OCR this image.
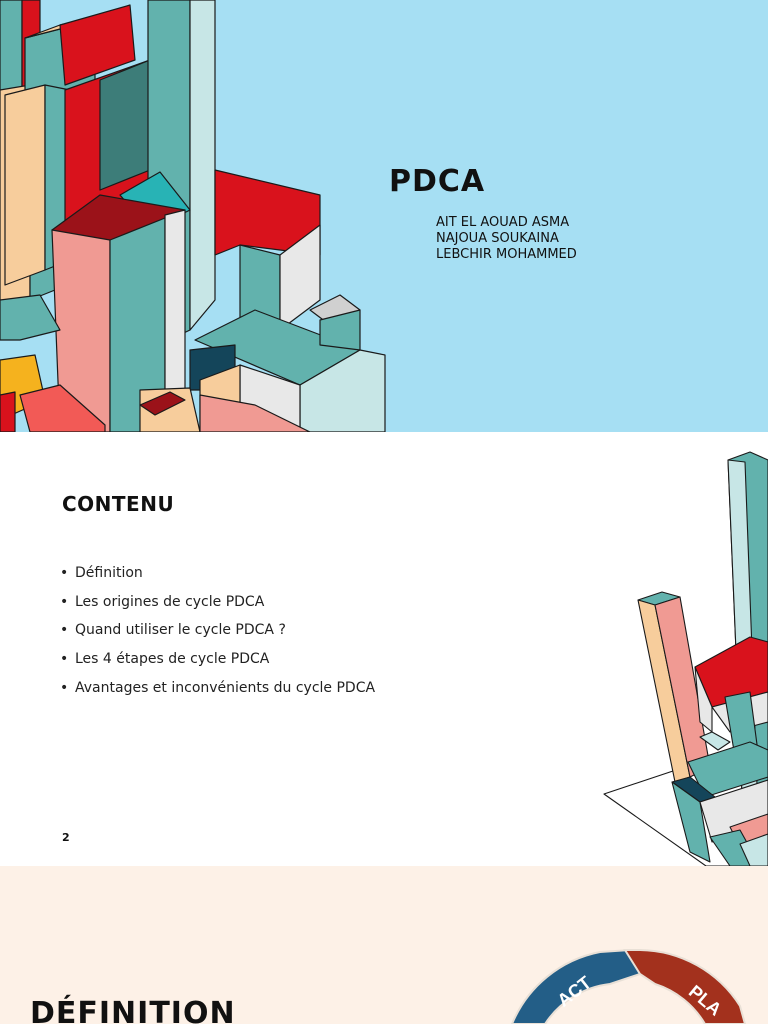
PDCA
AIT EL AOUAD ASMA
NAJOUA SOUKAINA
LEBCHIR MOHAMMED
CONTENU
• Définition
• Les origines de cycle PDCA
• Quand utiliser le cycle PDCA ?
• Les 4 étapes de cycle PDCA
• Avantages et inconvénients du cycle PDCA
2
DÉFINITION
ACT	PLA
